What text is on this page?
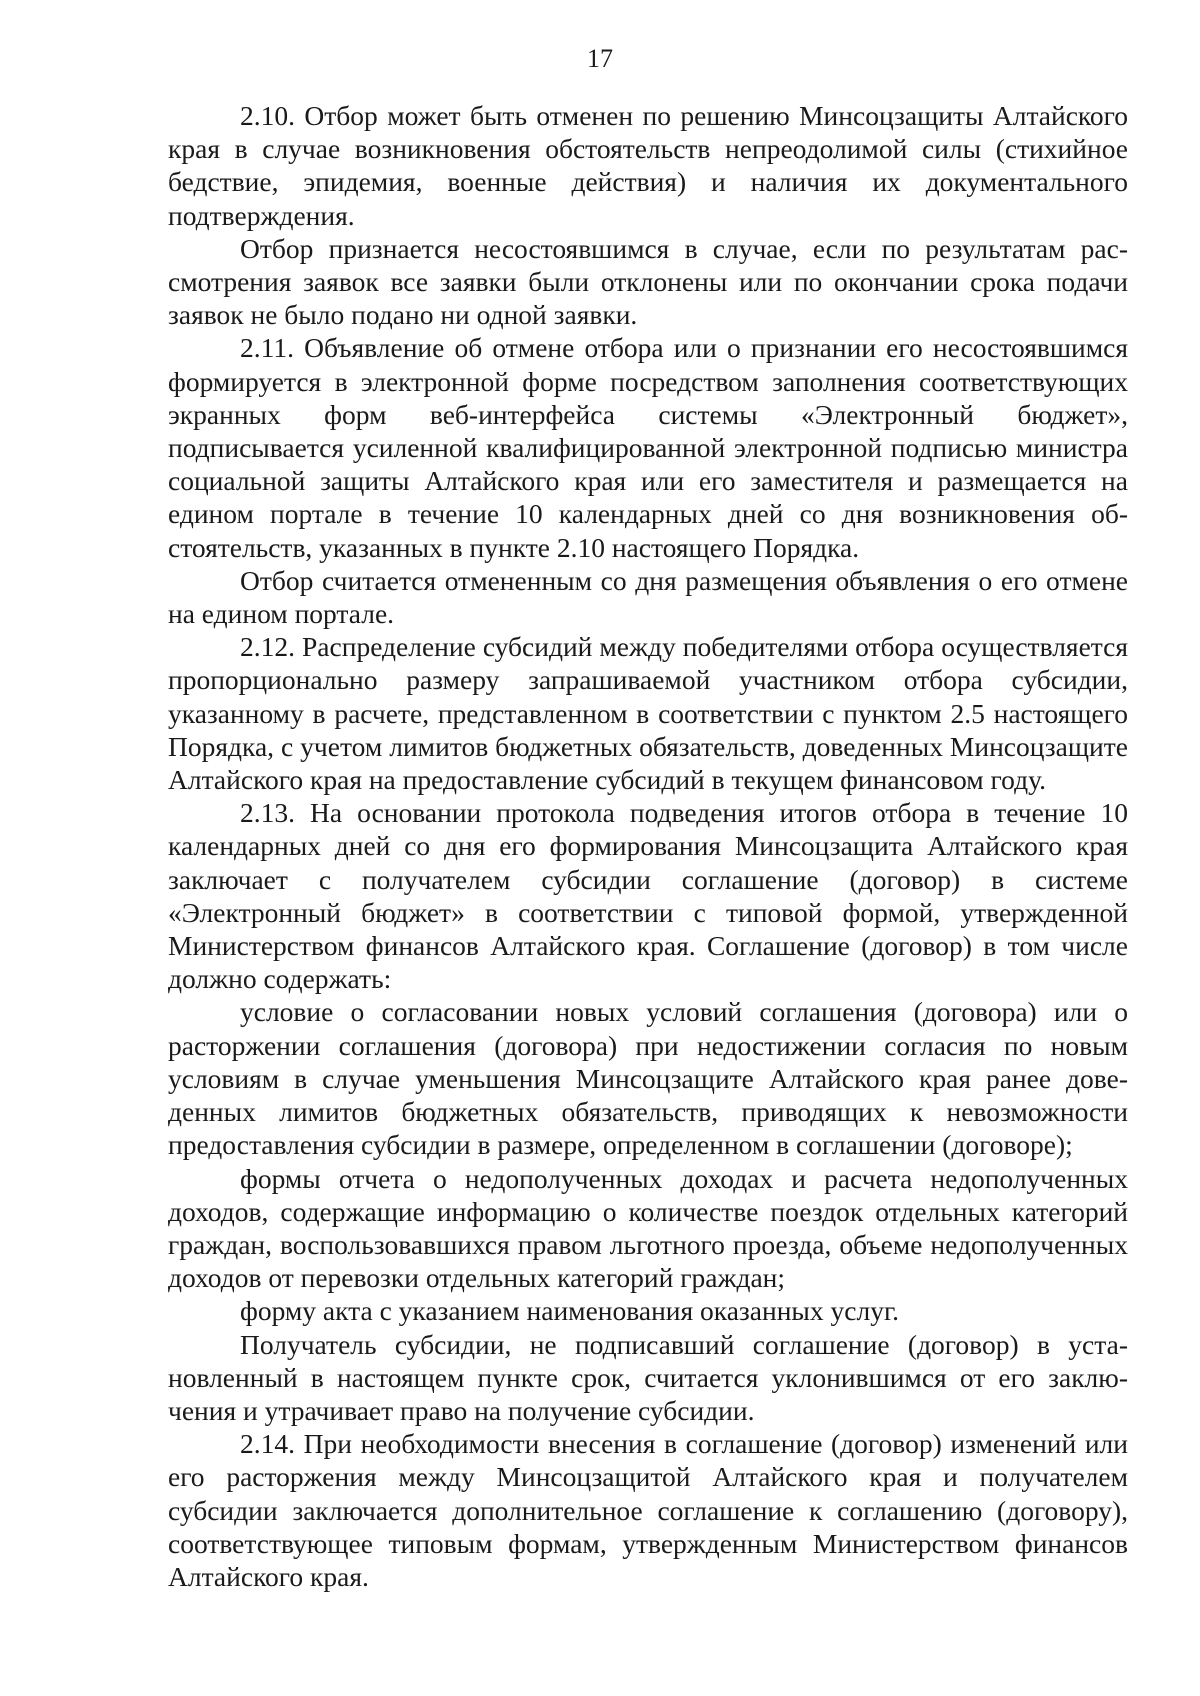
17

2.10. Отбор может быть отменен по решению Минсоцзащиты Алтайского края в случае возникновения обстоятельств непреодолимой силы (стихийное бедствие, эпидемия, военные действия) и наличия их документального подтверждения.

Отбор признается несостоявшимся в случае, если по результатам рассмотрения заявок все заявки были отклонены или по окончании срока подачи заявок не было подано ни одной заявки.

2.11. Объявление об отмене отбора или о признании его несостоявшимся формируется в электронной форме посредством заполнения соответствующих экранных форм веб-интерфейса системы «Электронный бюджет», подписывается усиленной квалифицированной электронной подписью министра социальной защиты Алтайского края или его заместителя и размещается на едином портале в течение 10 календарных дней со дня возникновения обстоятельств, указанных в пункте 2.10 настоящего Порядка.

Отбор считается отмененным со дня размещения объявления о его отмене на едином портале.

2.12. Распределение субсидий между победителями отбора осуществляется пропорционально размеру запрашиваемой участником отбора субсидии, указанному в расчете, представленном в соответствии с пунктом 2.5 настоящего Порядка, с учетом лимитов бюджетных обязательств, доведенных Минсоцзащите Алтайского края на предоставление субсидий в текущем финансовом году.

2.13. На основании протокола подведения итогов отбора в течение 10 календарных дней со дня его формирования Минсоцзащита Алтайского края заключает с получателем субсидии соглашение (договор) в системе «Электронный бюджет» в соответствии с типовой формой, утвержденной Министерством финансов Алтайского края. Соглашение (договор) в том числе должно содержать:

условие о согласовании новых условий соглашения (договора) или о расторжении соглашения (договора) при недостижении согласия по новым условиям в случае уменьшения Минсоцзащите Алтайского края ранее доведенных лимитов бюджетных обязательств, приводящих к невозможности предоставления субсидии в размере, определенном в соглашении (договоре);

формы отчета о недополученных доходах и расчета недополученных доходов, содержащие информацию о количестве поездок отдельных категорий граждан, воспользовавшихся правом льготного проезда, объеме недополученных доходов от перевозки отдельных категорий граждан;

форму акта с указанием наименования оказанных услуг.

Получатель субсидии, не подписавший соглашение (договор) в установленный в настоящем пункте срок, считается уклонившимся от его заключения и утрачивает право на получение субсидии.

2.14. При необходимости внесения в соглашение (договор) изменений или его расторжения между Минсоцзащитой Алтайского края и получателем субсидии заключается дополнительное соглашение к соглашению (договору), соответствующее типовым формам, утвержденным Министерством финансов Алтайского края.
